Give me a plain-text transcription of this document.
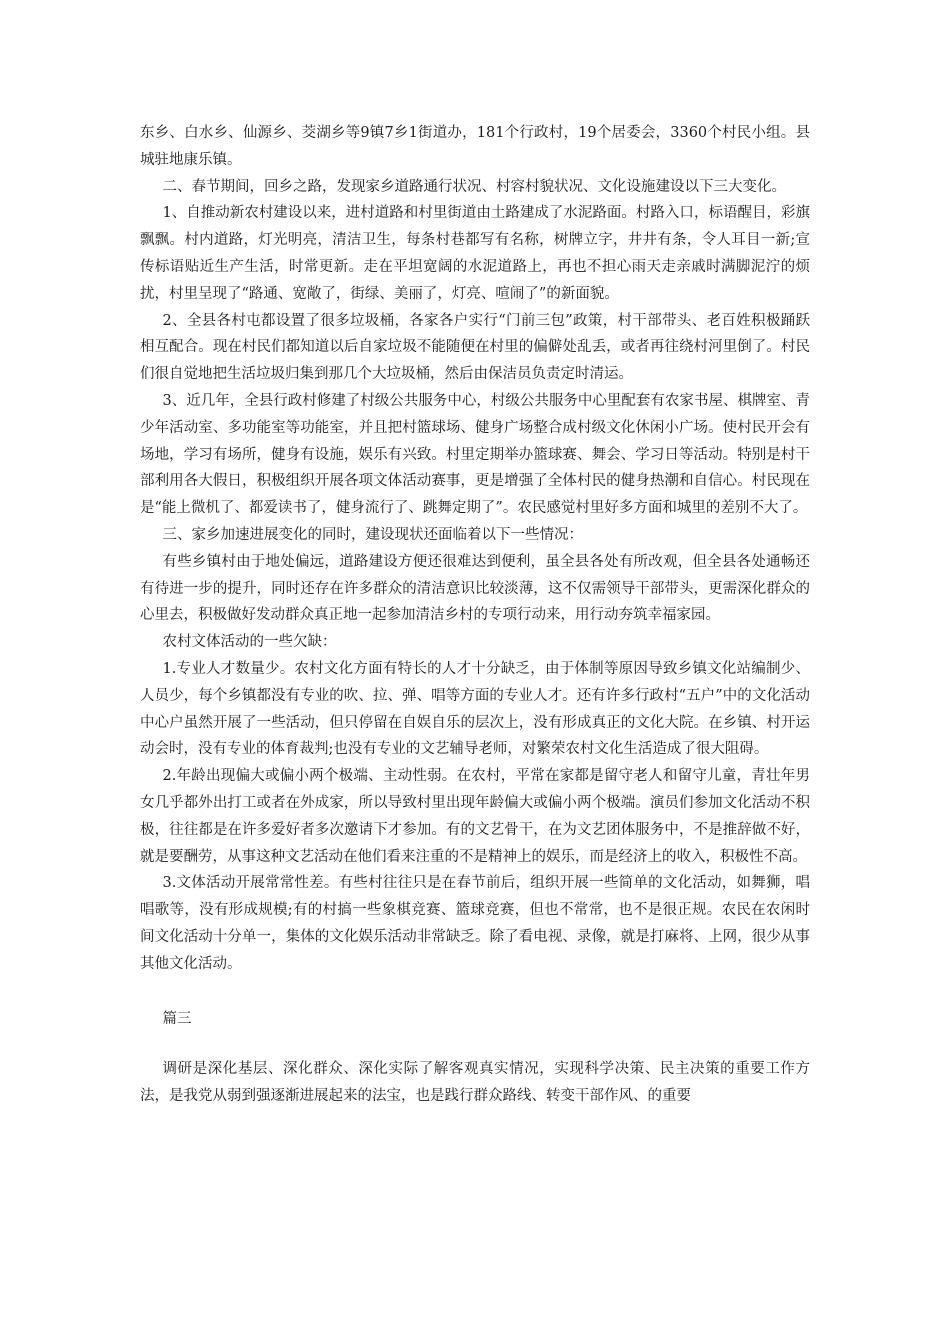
东乡、白水乡、仙源乡、茭湖乡等9镇7乡1街道办，181个行政村，19个居委会，3360个村民小组。县城驻地康乐镇。

二、春节期间，回乡之路，发现家乡道路通行状况、村容村貌状况、文化设施建设以下三大变化。

1、自推动新农村建设以来，进村道路和村里街道由土路建成了水泥路面。村路入口，标语醒目，彩旗飘飘。村内道路，灯光明亮，清洁卫生，每条村巷都写有名称，树牌立字，井井有条，令人耳目一新;宣传标语贴近生产生活，时常更新。走在平坦宽阔的水泥道路上，再也不担心雨天走亲戚时满脚泥泞的烦扰，村里呈现了“路通、宽敞了，街绿、美丽了，灯亮、喧闹了”的新面貌。

2、全县各村屯都设置了很多垃圾桶，各家各户实行“门前三包”政策，村干部带头、老百姓积极踊跃相互配合。现在村民们都知道以后自家垃圾不能随便在村里的偏僻处乱丢，或者再往绕村河里倒了。村民们很自觉地把生活垃圾归集到那几个大垃圾桶，然后由保洁员负责定时清运。

3、近几年，全县行政村修建了村级公共服务中心，村级公共服务中心里配套有农家书屋、棋牌室、青少年活动室、多功能室等功能室，并且把村篮球场、健身广场整合成村级文化休闲小广场。使村民开会有场地，学习有场所，健身有设施，娱乐有兴致。村里定期举办篮球赛、舞会、学习日等活动。特别是村干部利用各大假日，积极组织开展各项文体活动赛事，更是增强了全体村民的健身热潮和自信心。村民现在是“能上微机了、都爱读书了，健身流行了、跳舞定期了”。农民感觉村里好多方面和城里的差别不大了。

三、家乡加速进展变化的同时，建设现状还面临着以下一些情况：

有些乡镇村由于地处偏远，道路建设方便还很难达到便利，虽全县各处有所改观，但全县各处通畅还有待进一步的提升，同时还存在许多群众的清洁意识比较淡薄，这不仅需领导干部带头，更需深化群众的心里去，积极做好发动群众真正地一起参加清洁乡村的专项行动来，用行动夯筑幸福家园。

农村文体活动的一些欠缺：

1.专业人才数量少。农村文化方面有特长的人才十分缺乏，由于体制等原因导致乡镇文化站编制少、人员少，每个乡镇都没有专业的吹、拉、弹、唱等方面的专业人才。还有许多行政村“五户”中的文化活动中心户虽然开展了一些活动，但只停留在自娱自乐的层次上，没有形成真正的文化大院。在乡镇、村开运动会时，没有专业的体育裁判;也没有专业的文艺辅导老师，对繁荣农村文化生活造成了很大阻碍。

2.年龄出现偏大或偏小两个极端、主动性弱。在农村，平常在家都是留守老人和留守儿童，青壮年男女几乎都外出打工或者在外成家，所以导致村里出现年龄偏大或偏小两个极端。演员们参加文化活动不积极，往往都是在许多爱好者多次邀请下才参加。有的文艺骨干，在为文艺团体服务中，不是推辞做不好，就是要酬劳，从事这种文艺活动在他们看来注重的不是精神上的娱乐，而是经济上的收入，积极性不高。

3.文体活动开展常常性差。有些村往往只是在春节前后，组织开展一些简单的文化活动，如舞狮，唱唱歌等，没有形成规模;有的村搞一些象棋竞赛、篮球竞赛，但也不常常，也不是很正规。农民在农闲时间文化活动十分单一，集体的文化娱乐活动非常缺乏。除了看电视、录像，就是打麻将、上网，很少从事其他文化活动。

篇三

调研是深化基层、深化群众、深化实际了解客观真实情况，实现科学决策、民主决策的重要工作方法，是我党从弱到强逐渐进展起来的法宝，也是践行群众路线、转变干部作风、的重要
